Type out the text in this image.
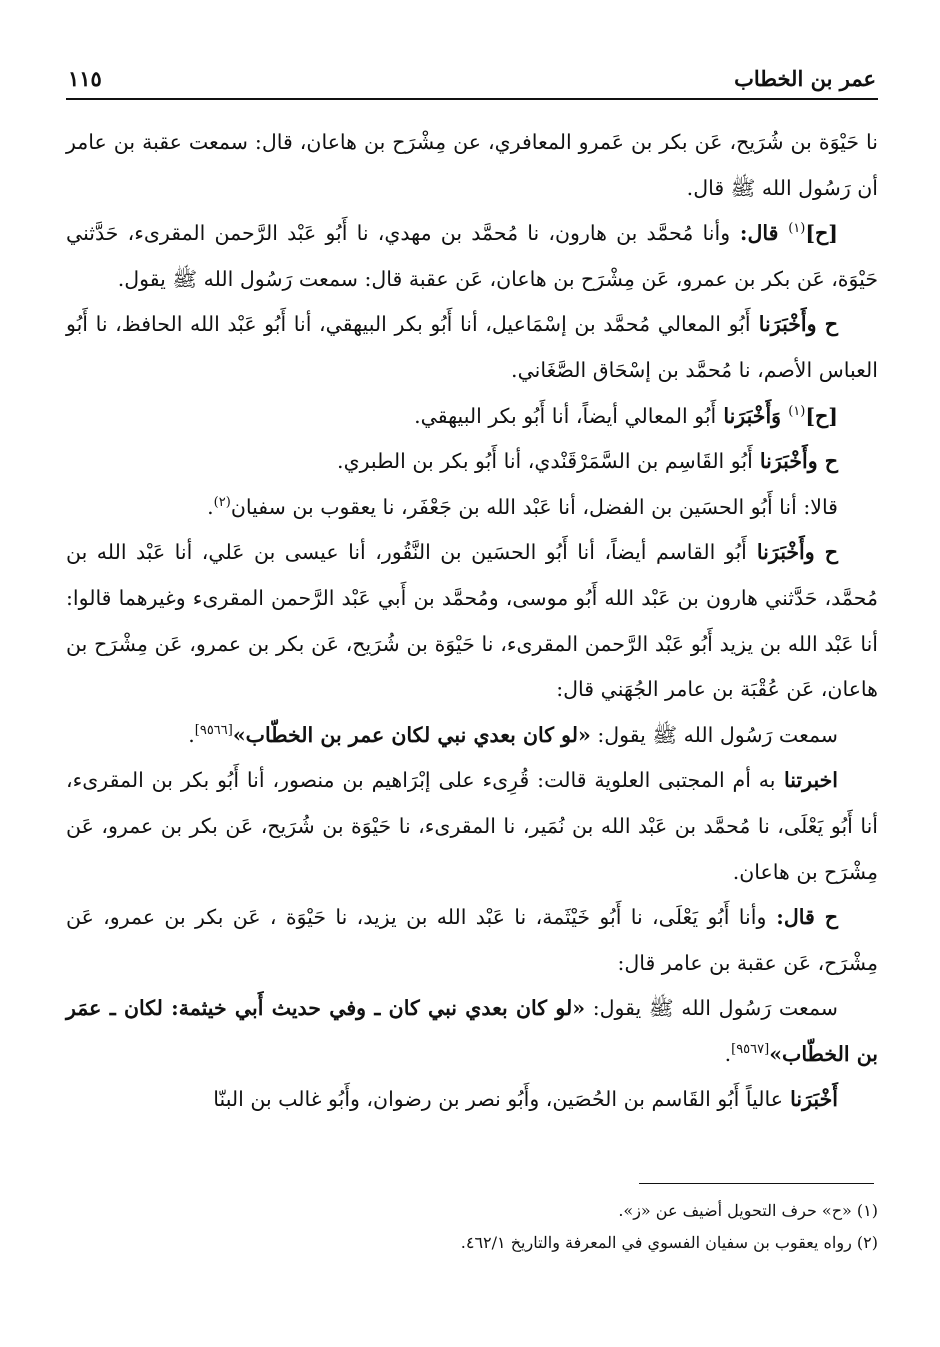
عمر بن الخطاب
١١٥

نا حَيْوَة بن شُرَيح، عَن بكر بن عَمرو المعافري، عن مِشْرَح بن هاعان، قال: سمعت عقبة بن عامر أن رَسُول الله ﷺ قال.

[ح]$^{(١)}$ قال: وأنا مُحمَّد بن هارون، نا مُحمَّد بن مهدي، نا أَبُو عَبْد الرَّحمن المقرىء، حَدَّثني حَيْوَة، عَن بكر بن عمرو، عَن مِشْرَح بن هاعان، عَن عقبة قال: سمعت رَسُول الله ﷺ يقول.

ح وأَخْبَرَنا أَبُو المعالي مُحمَّد بن إسْمَاعيل، أنا أَبُو بكر البيهقي، أنا أَبُو عَبْد الله الحافظ، نا أَبُو العباس الأصم، نا مُحمَّد بن إسْحَاق الصَّغَاني.

[ح]$^{(١)}$ وَأَخْبَرَنا أَبُو المعالي أيضاً، أنا أَبُو بكر البيهقي.

ح وأَخْبَرَنا أَبُو القَاسِم بن السَّمَرْقَنْدي، أنا أَبُو بكر بن الطبري.

قالا: أنا أَبُو الحسَين بن الفضل، أنا عَبْد الله بن جَعْفَر، نا يعقوب بن سفيان$^{(٢)}$.

ح وأَخْبَرَنا أَبُو القاسم أيضاً، أنا أَبُو الحسَين بن النَّقُور، أنا عيسى بن عَلي، أنا عَبْد الله بن مُحمَّد، حَدَّثني هارون بن عَبْد الله أَبُو موسى، ومُحمَّد بن أَبي عَبْد الرَّحمن المقرىء وغيرهما قالوا: أنا عَبْد الله بن يزيد أَبُو عَبْد الرَّحمن المقرىء، نا حَيْوَة بن شُرَيح، عَن بكر بن عمرو، عَن مِشْرَح بن هاعان، عَن عُقْبَة بن عامر الجُهَني قال:

سمعت رَسُول الله ﷺ يقول: «لو كان بعدي نبي لكان عمر بن الخطّاب»[٩٥٦٦].

اخبرتنا به أم المجتبى العلوية قالت: قُرِىء على إبْرَاهيم بن منصور، أنا أَبُو بكر بن المقرىء، أنا أَبُو يَعْلَى، نا مُحمَّد بن عَبْد الله بن نُمَير، نا المقرىء، نا حَيْوَة بن شُرَيح، عَن بكر بن عمرو، عَن مِشْرَح بن هاعان.

ح قال: وأنا أَبُو يَعْلَى، نا أَبُو خَيْثَمة، نا عَبْد الله بن يزيد، نا حَيْوَة ، عَن بكر بن عمرو، عَن مِشْرَح، عَن عقبة بن عامر قال:

سمعت رَسُول الله ﷺ يقول: «لو كان بعدي نبي كان ـ وفي حديث أَبي خيثمة: لكان ـ عمَر بن الخطّاب»[٩٥٦٧].

أَخْبَرَنا عالياً أَبُو القَاسم بن الحُصَين، وأَبُو نصر بن رضوان، وأَبُو غالب بن البنّا

(١) «ح» حرف التحويل أضيف عن «ز».

(٢) رواه يعقوب بن سفيان الفسوي في المعرفة والتاريخ ٤٦٢/١.
